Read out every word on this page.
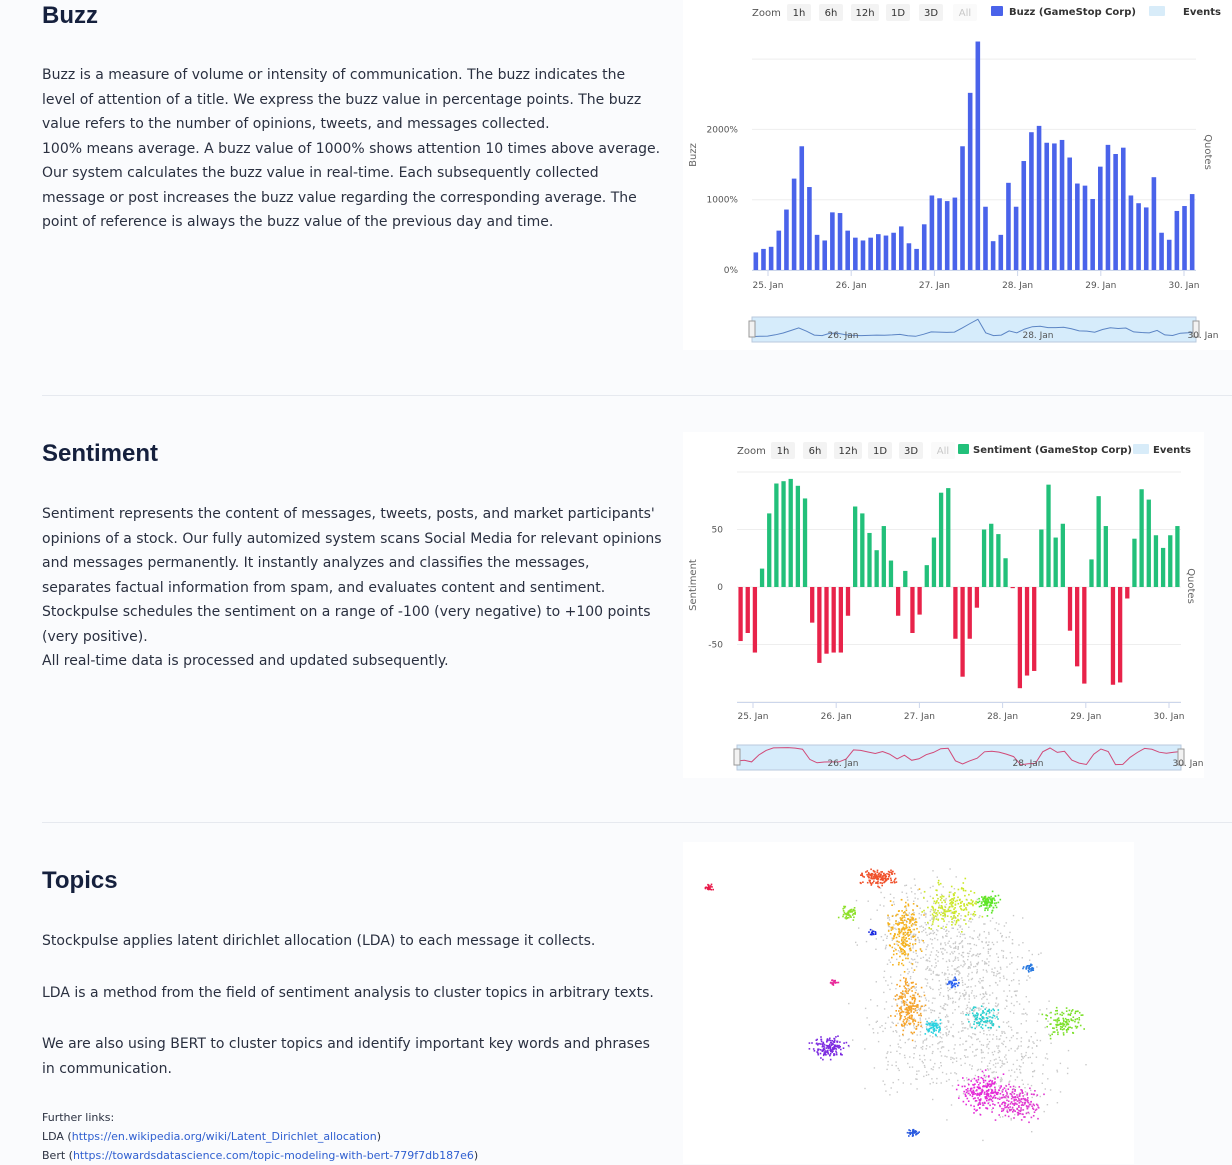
Buzz

Buzz is a measure of volume or intensity of communication. The buzz indicates the level of attention of a title. We express the buzz value in percentage points. The buzz value refers to the number of opinions, tweets, and messages collected.

100% means average. A buzz value of 1000% shows attention 10 times above average. Our system calculates the buzz value in real-time. Each subsequently collected message or post increases the buzz value regarding the corresponding average. The point of reference is always the buzz value of the previous day and time.

Zoom 1h 6h 12h 1D 3D All	Buzz (GameStop Corp)	Events
Buzz	Quotes
0%
1000%
2000%
25. Jan	26. Jan	27. Jan	28. Jan	29. Jan	30. Jan
26. Jan	28. Jan	30. Jan
Sentiment

Sentiment represents the content of messages, tweets, posts, and market participants' opinions of a stock. Our fully automized system scans Social Media for relevant opinions and messages permanently. It instantly analyzes and classifies the messages, separates factual information from spam, and evaluates content and sentiment. Stockpulse schedules the sentiment on a range of -100 (very negative) to +100 points (very positive).

All real-time data is processed and updated subsequently.

Zoom 1h 6h 12h 1D 3D All Sentiment (GameStop Corp) Events
Sentiment	Quotes
-50
0
50
25. Jan	26. Jan	27. Jan	28. Jan	29. Jan	30. Jan
26. Jan	28. Jan	30. Jan
Topics

Stockpulse applies latent dirichlet allocation (LDA) to each message it collects.

LDA is a method from the field of sentiment analysis to cluster topics in arbitrary texts.

We are also using BERT to cluster topics and identify important key words and phrases in communication.

Further links:
LDA (https://en.wikipedia.org/wiki/Latent_Dirichlet_allocation)
Bert (https://towardsdatascience.com/topic-modeling-with-bert-779f7db187e6)
